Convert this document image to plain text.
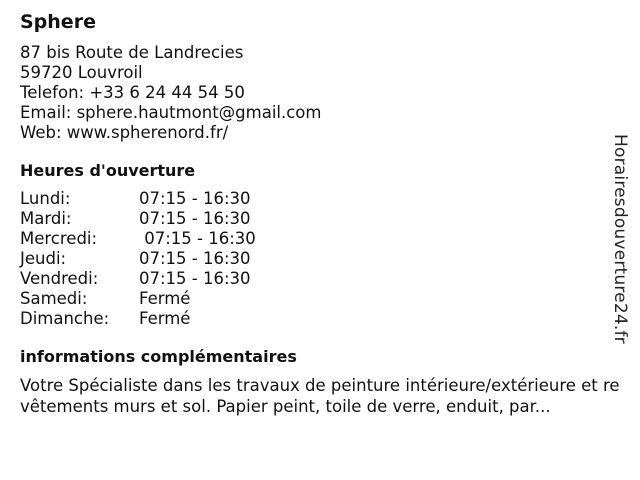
Sphere
87 bis Route de Landrecies
59720 Louvroil
Telefon: +33 6 24 44 54 50
Email: sphere.hautmont@gmail.com
Web: www.spherenord.fr/
Heures d'ouverture
Lundi:	07:15 - 16:30
Mardi:	07:15 - 16:30
Mercredi:	07:15 - 16:30
Jeudi:	07:15 - 16:30
Vendredi:	07:15 - 16:30
Samedi:	Fermé
Dimanche:	Fermé
informations complémentaires
Votre Spécialiste dans les travaux de peinture intérieure/extérieure et revêtements murs et sol. Papier peint, toile de verre, enduit, par...
Horairesdouverture24.fr
